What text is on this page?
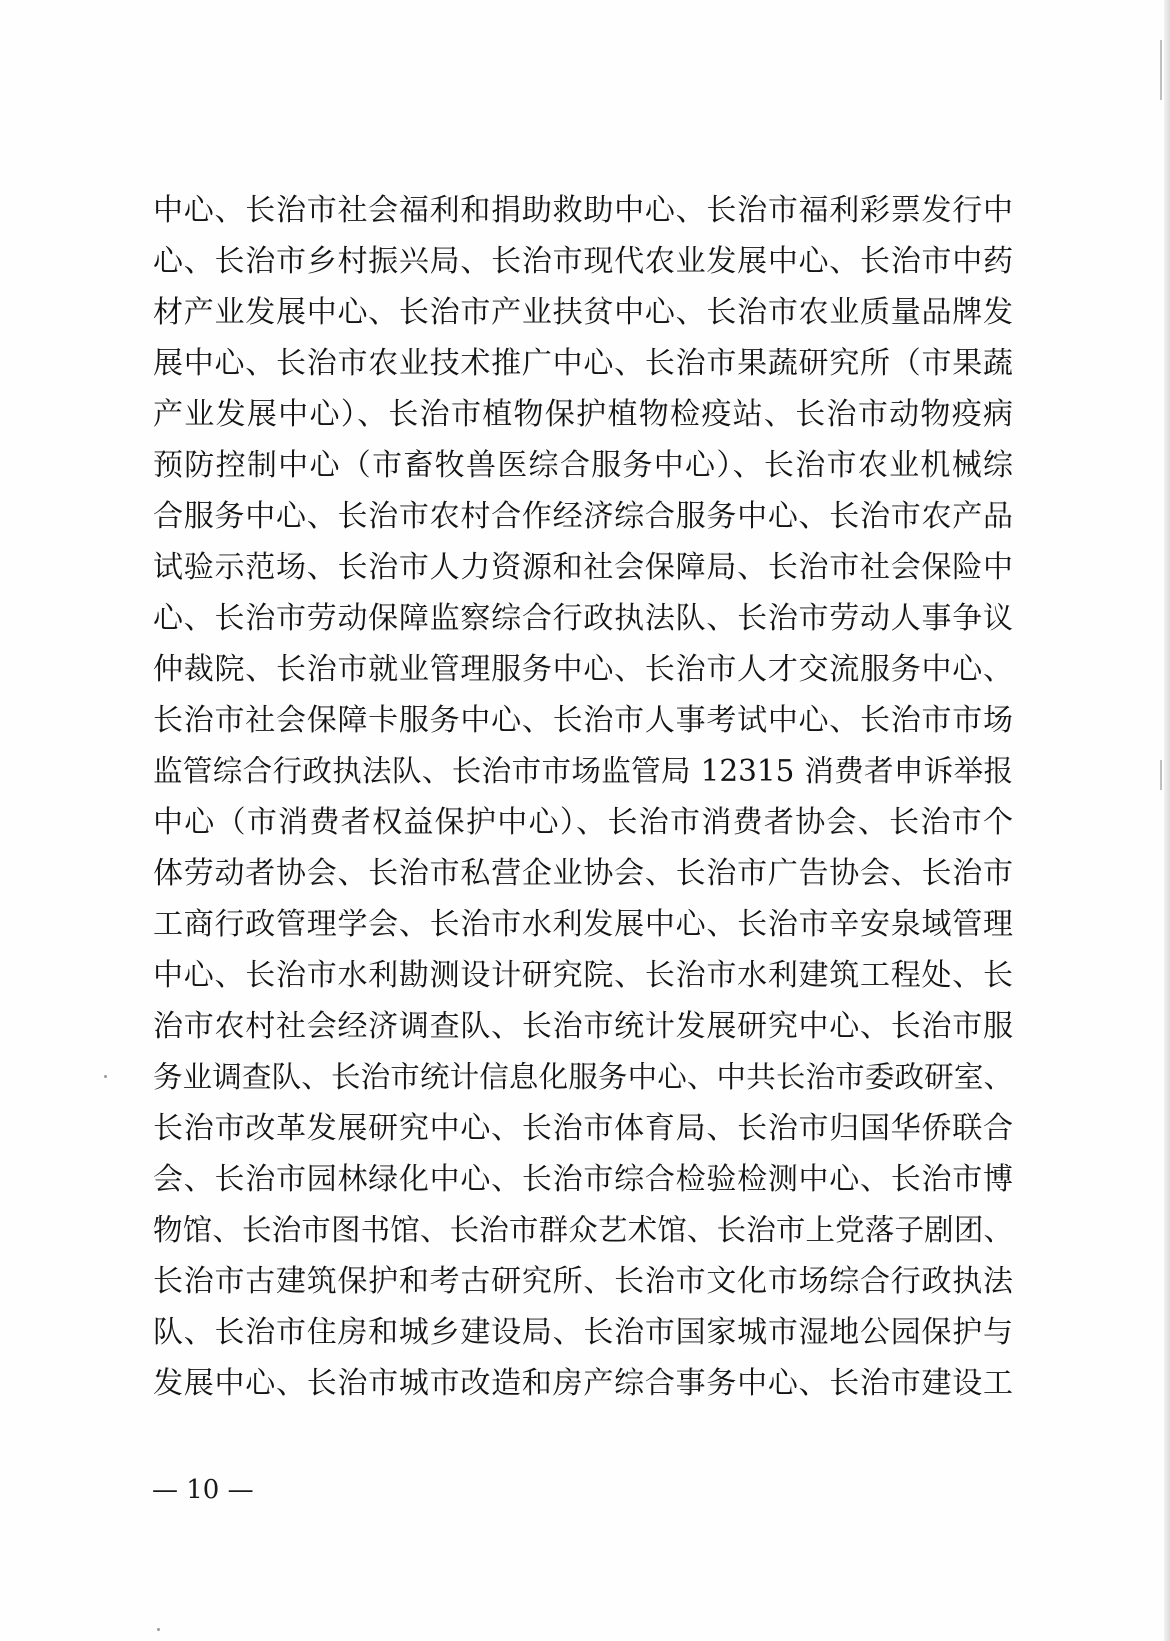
中心、长治市社会福利和捐助救助中心、长治市福利彩票发行中
心、长治市乡村振兴局、长治市现代农业发展中心、长治市中药
材产业发展中心、长治市产业扶贫中心、长治市农业质量品牌发
展中心、长治市农业技术推广中心、长治市果蔬研究所（市果蔬
产业发展中心）、长治市植物保护植物检疫站、长治市动物疫病
预防控制中心（市畜牧兽医综合服务中心）、长治市农业机械综
合服务中心、长治市农村合作经济综合服务中心、长治市农产品
试验示范场、长治市人力资源和社会保障局、长治市社会保险中
心、长治市劳动保障监察综合行政执法队、长治市劳动人事争议
仲裁院、长治市就业管理服务中心、长治市人才交流服务中心、
长治市社会保障卡服务中心、长治市人事考试中心、长治市市场
监管综合行政执法队、长治市市场监管局 12315 消费者申诉举报
中心（市消费者权益保护中心）、长治市消费者协会、长治市个
体劳动者协会、长治市私营企业协会、长治市广告协会、长治市
工商行政管理学会、长治市水利发展中心、长治市辛安泉域管理
中心、长治市水利勘测设计研究院、长治市水利建筑工程处、长
治市农村社会经济调查队、长治市统计发展研究中心、长治市服
务业调查队、长治市统计信息化服务中心、中共长治市委政研室、
长治市改革发展研究中心、长治市体育局、长治市归国华侨联合
会、长治市园林绿化中心、长治市综合检验检测中心、长治市博
物馆、长治市图书馆、长治市群众艺术馆、长治市上党落子剧团、
长治市古建筑保护和考古研究所、长治市文化市场综合行政执法
队、长治市住房和城乡建设局、长治市国家城市湿地公园保护与
发展中心、长治市城市改造和房产综合事务中心、长治市建设工
— 10 —
